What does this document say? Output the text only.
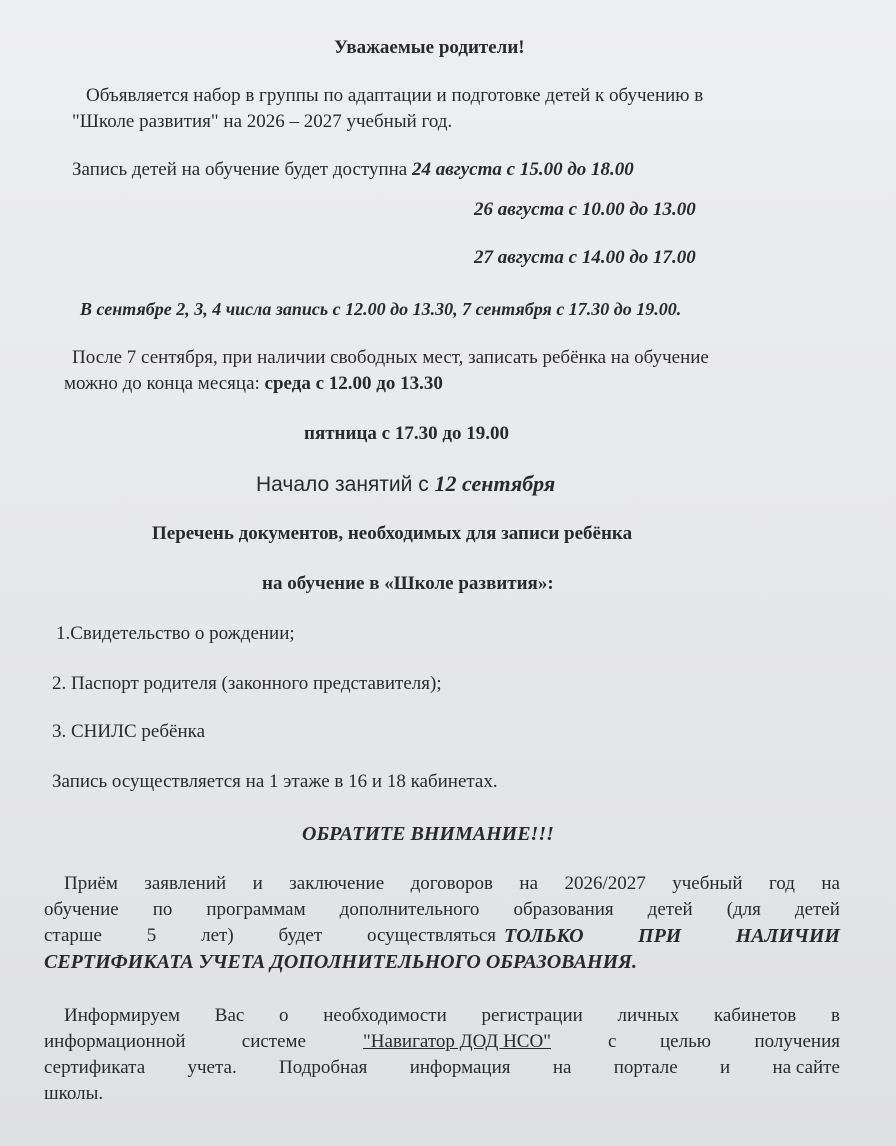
Уважаемые родители!
Объявляется набор в группы по адаптации и подготовке детей к обучению в
"Школе развития" на 2026 – 2027 учебный год.
Запись детей на обучение будет доступна 24 августа с 15.00 до 18.00
26 августа с 10.00 до 13.00
27 августа с 14.00 до 17.00
В сентябре 2, 3, 4 числа запись с 12.00 до 13.30, 7 сентября с 17.30 до 19.00.
После 7 сентября, при наличии свободных мест, записать ребёнка на обучение
можно до конца месяца: среда с 12.00 до 13.30
пятница с 17.30 до 19.00
Начало занятий с 12 сентября
Перечень документов, необходимых для записи ребёнка
на обучение в «Школе развития»:
1.Свидетельство о рождении;
2. Паспорт родителя (законного представителя);
3. СНИЛС ребёнка
Запись осуществляется на 1 этаже в 16 и 18 кабинетах.
ОБРАТИТЕ ВНИМАНИЕ!!!
Приём заявлений и заключение договоров на 2026/2027 учебный год на
обучение по программам дополнительного образования детей (для детей
старше 5 лет) будет осуществляться ТОЛЬКО	ПРИ	НАЛИЧИИ
СЕРТИФИКАТА УЧЕТА ДОПОЛНИТЕЛЬНОГО ОБРАЗОВАНИЯ.
Информируем Вас о необходимости регистрации личных кабинетов в
информационной	системе	"Навигатор ДОД НСО"	с целью получения
сертификата учета. Подробная информация на портале и на сайте
школы.
